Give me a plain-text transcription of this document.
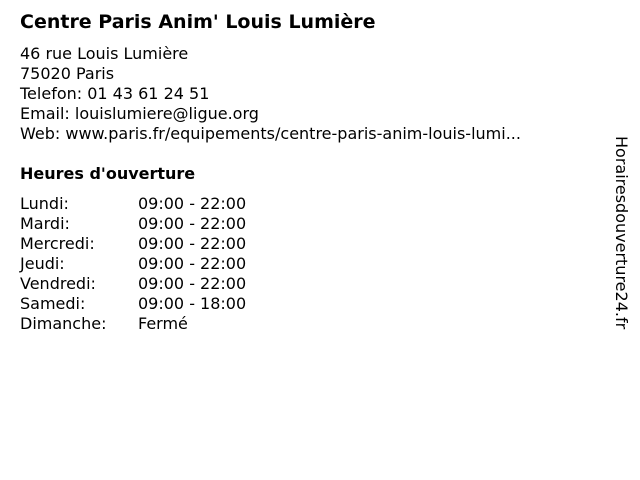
Centre Paris Anim' Louis Lumière
46 rue Louis Lumière
75020 Paris
Telefon: 01 43 61 24 51
Email: louislumiere@ligue.org
Web: www.paris.fr/equipements/centre-paris-anim-louis-lumi...
Heures d'ouverture
Lundi:	09:00 - 22:00
Mardi:	09:00 - 22:00
Mercredi:	09:00 - 22:00
Jeudi:	09:00 - 22:00
Vendredi:	09:00 - 22:00
Samedi:	09:00 - 18:00
Dimanche:	Fermé	Horairesdouverture24.fr
